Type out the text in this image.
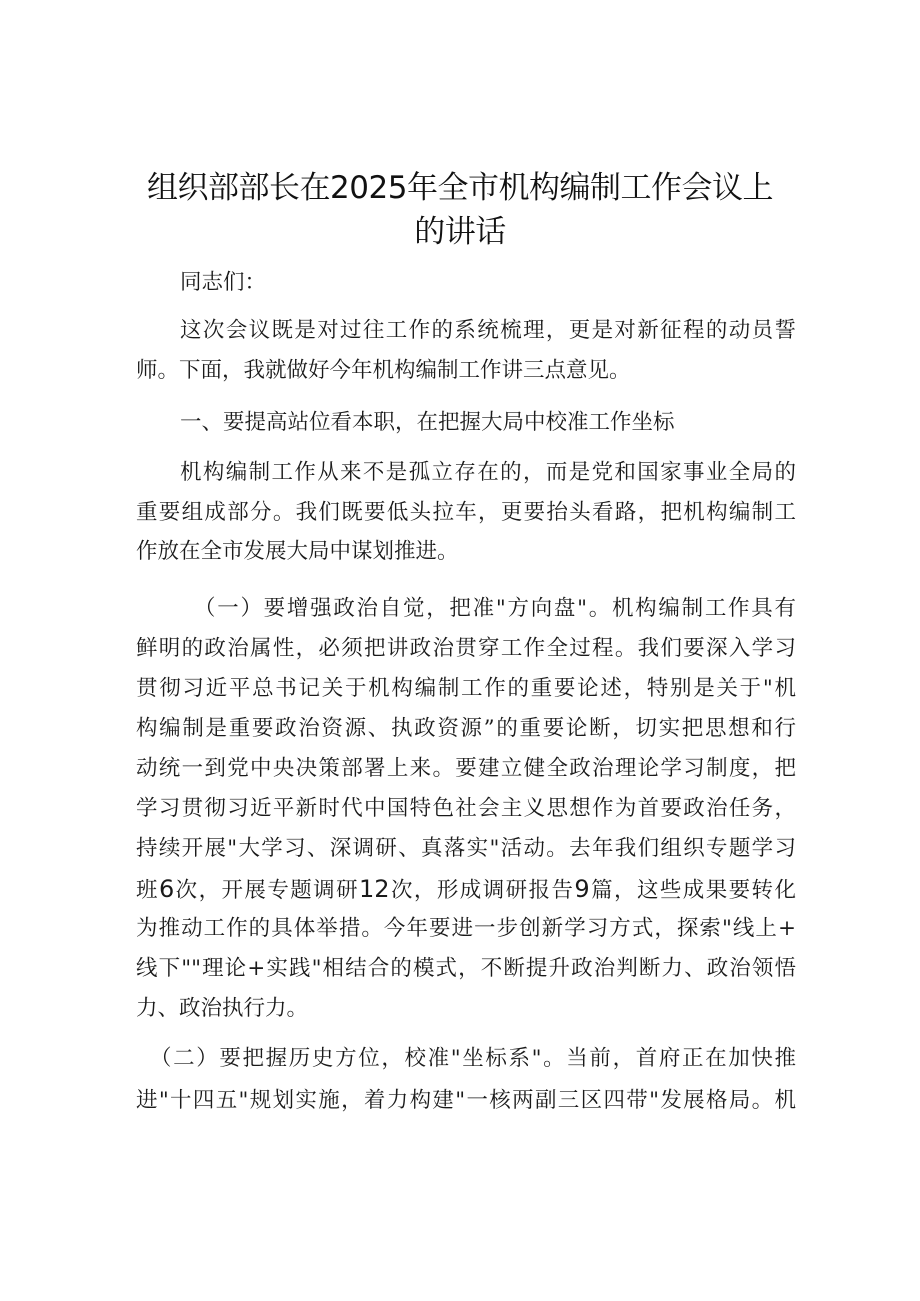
组织部部长在2025年全市机构编制工作会议上
的讲话
同志们：
这次会议既是对过往工作的系统梳理，更是对新征程的动员誓
师。下面，我就做好今年机构编制工作讲三点意见。
一、要提高站位看本职，在把握大局中校准工作坐标
机构编制工作从来不是孤立存在的，而是党和国家事业全局的
重要组成部分。我们既要低头拉车，更要抬头看路，把机构编制工
作放在全市发展大局中谋划推进。
（一）要增强政治自觉，把准"方向盘"。机构编制工作具有
鲜明的政治属性，必须把讲政治贯穿工作全过程。我们要深入学习
贯彻习近平总书记关于机构编制工作的重要论述，特别是关于"机
构编制是重要政治资源、执政资源”的重要论断，切实把思想和行
动统一到党中央决策部署上来。要建立健全政治理论学习制度，把
学习贯彻习近平新时代中国特色社会主义思想作为首要政治任务，
持续开展"大学习、深调研、真落实"活动。去年我们组织专题学习
班6次，开展专题调研12次，形成调研报告9篇，这些成果要转化
为推动工作的具体举措。今年要进一步创新学习方式，探索"线上+
线下""理论+实践"相结合的模式，不断提升政治判断力、政治领悟
力、政治执行力。
（二）要把握历史方位，校准"坐标系"。当前，首府正在加快推
进"十四五"规划实施，着力构建"一核两副三区四带"发展格局。机
